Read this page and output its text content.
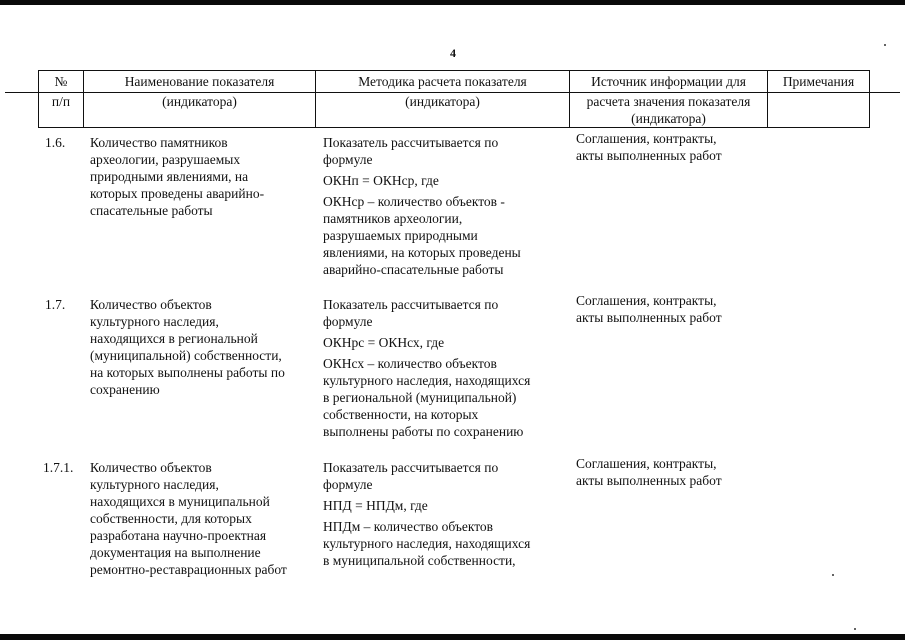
4
№
п/п
Наименование показателя
(индикатора)
Методика расчета показателя
(индикатора)
Источник информации для
расчета значения показателя
(индикатора)
Примечания
1.6. Количество памятников
археологии, разрушаемых
природными явлениями, на
которых проведены аварийно-
спасательные работы
Показатель рассчитывается по
формуле
ОКНп = ОКНср, где
ОКНср – количество объектов -
памятников археологии,
разрушаемых природными
явлениями, на которых проведены
аварийно-спасательные работы
Соглашения, контракты,
акты выполненных работ
1.7. Количество объектов
культурного наследия,
находящихся в региональной
(муниципальной) собственности,
на которых выполнены работы по
сохранению
Показатель рассчитывается по
формуле
ОКНрс = ОКНсх, где
ОКНсх – количество объектов
культурного наследия, находящихся
в региональной (муниципальной)
собственности, на которых
выполнены работы по сохранению
Соглашения, контракты,
акты выполненных работ
1.7.1. Количество объектов
культурного наследия,
находящихся в муниципальной
собственности, для которых
разработана научно-проектная
документация на выполнение
ремонтно-реставрационных работ
Показатель рассчитывается по
формуле
НПД = НПДм, где
НПДм – количество объектов
культурного наследия, находящихся
в муниципальной собственности,
Соглашения, контракты,
акты выполненных работ
